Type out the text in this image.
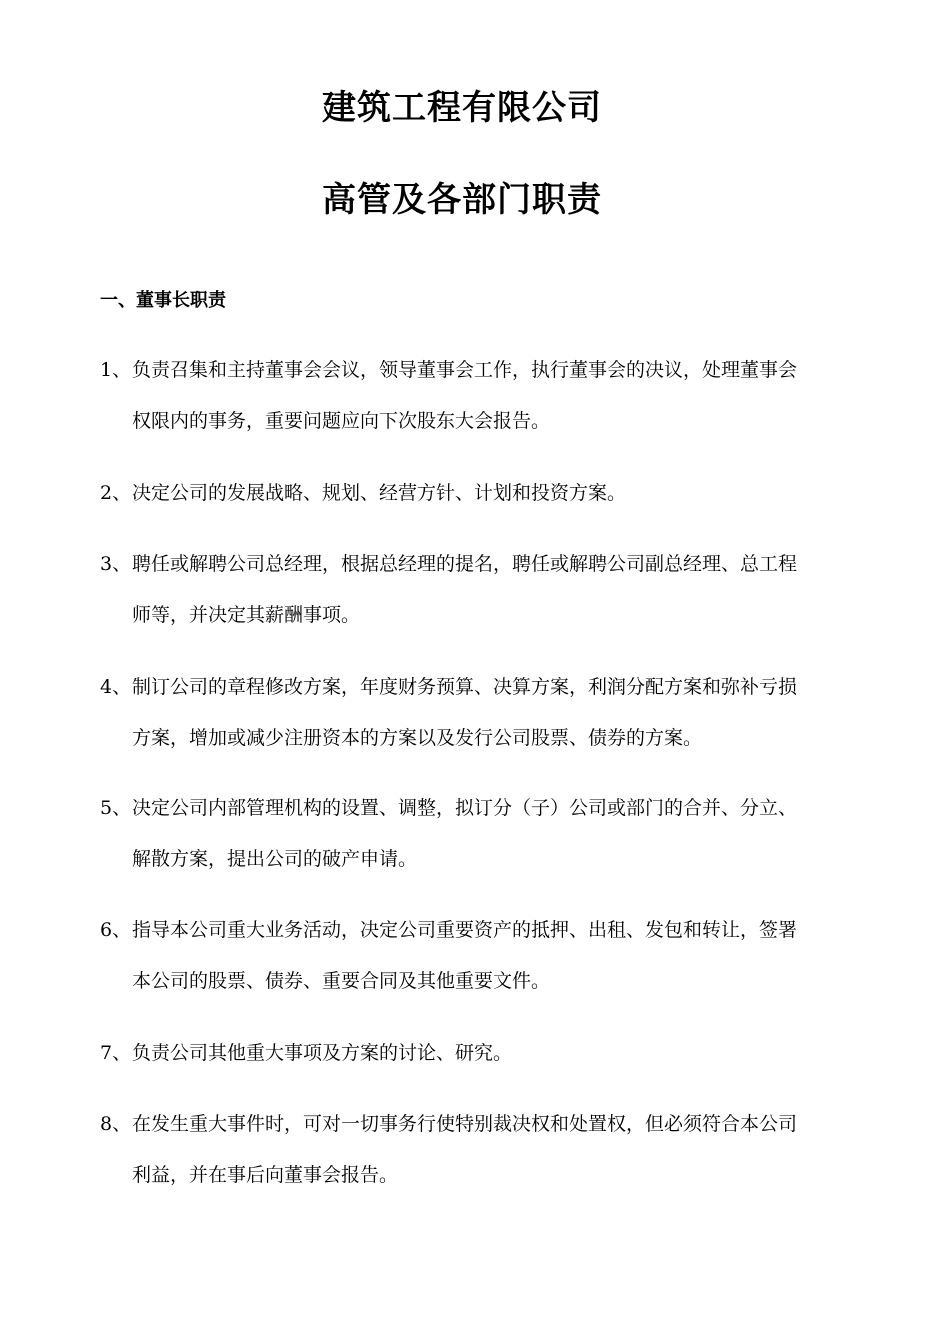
建筑工程有限公司
高管及各部门职责
一、董事长职责
1、负责召集和主持董事会会议，领导董事会工作，执行董事会的决议，处理董事会
权限内的事务，重要问题应向下次股东大会报告。
2、决定公司的发展战略、规划、经营方针、计划和投资方案。
3、聘任或解聘公司总经理，根据总经理的提名，聘任或解聘公司副总经理、总工程
师等，并决定其薪酬事项。
4、制订公司的章程修改方案，年度财务预算、决算方案，利润分配方案和弥补亏损
方案，增加或减少注册资本的方案以及发行公司股票、债券的方案。
5、决定公司内部管理机构的设置、调整，拟订分（子）公司或部门的合并、分立、
解散方案，提出公司的破产申请。
6、指导本公司重大业务活动，决定公司重要资产的抵押、出租、发包和转让，签署
本公司的股票、债券、重要合同及其他重要文件。
7、负责公司其他重大事项及方案的讨论、研究。
8、在发生重大事件时，可对一切事务行使特别裁决权和处置权，但必须符合本公司
利益，并在事后向董事会报告。
